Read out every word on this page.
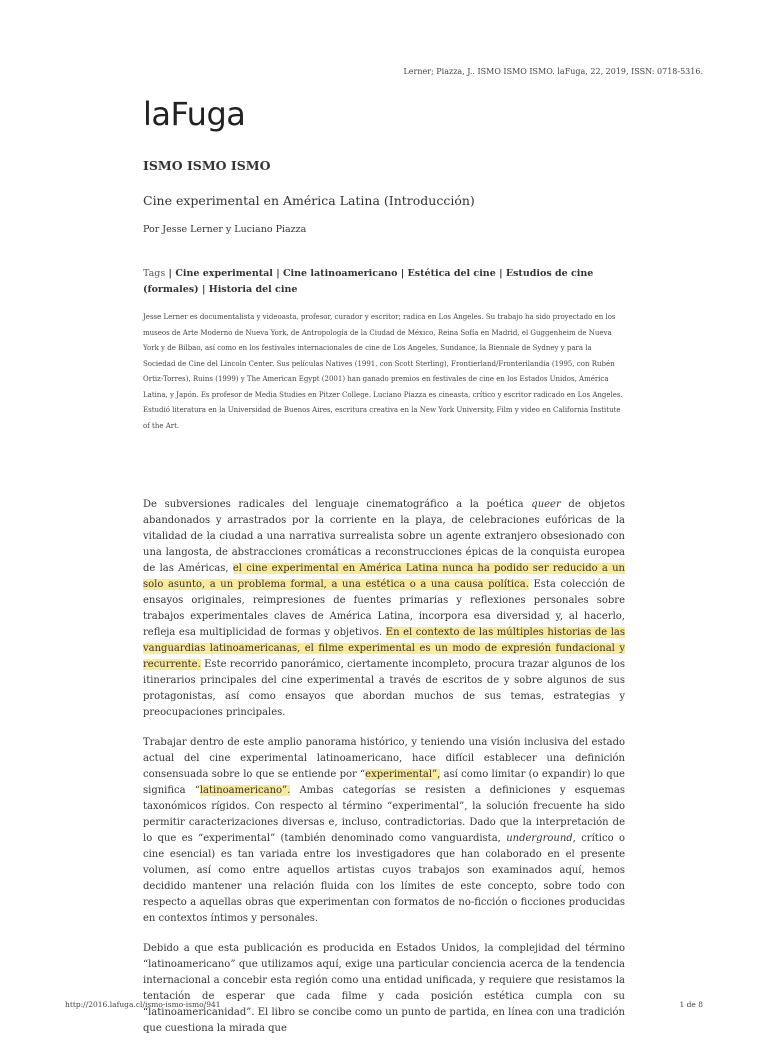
Lerner; Piazza, J.. ISMO ISMO ISMO. laFuga, 22, 2019, ISSN: 0718-5316.
laFuga
ISMO ISMO ISMO
Cine experimental en América Latina (Introducción)
Por Jesse Lerner y Luciano Piazza
Tags | Cine experimental | Cine latinoamericano | Estética del cine | Estudios de cine (formales) | Historia del cine
Jesse Lerner es documentalista y videoasta, profesor, curador y escritor; radica en Los Angeles. Su trabajo ha sido proyectado en los museos de Arte Moderno de Nueva York, de Antropología de la Ciudad de México, Reina Sofía en Madrid, el Guggenheim de Nueva York y de Bilbao, así como en los festivales internacionales de cine de Los Angeles, Sundance, la Biennale de Sydney y para la Sociedad de Cine del Lincoln Center. Sus películas Natives (1991, con Scott Sterling), Frontierland/Fronterilandia (1995, con Rubén Ortiz-Torres), Ruins (1999) y The American Egypt (2001) han ganado premios en festivales de cine en los Estados Unidos, América Latina, y Japón. Es profesor de Media Studies en Pitzer College. Luciano Piazza es cineasta, crítico y escritor radicado en Los Angeles. Estudió literatura en la Universidad de Buenos Aires, escritura creativa en la New York University, Film y video en California Institute of the Art.

De subversiones radicales del lenguaje cinematográfico a la poética queer de objetos abandonados y arrastrados por la corriente en la playa, de celebraciones eufóricas de la vitalidad de la ciudad a una narrativa surrealista sobre un agente extranjero obsesionado con una langosta, de abstracciones cromáticas a reconstrucciones épicas de la conquista europea de las Américas, el cine experimental en América Latina nunca ha podido ser reducido a un solo asunto, a un problema formal, a una estética o a una causa política. Esta colección de ensayos originales, reimpresiones de fuentes primarias y reflexiones personales sobre trabajos experimentales claves de América Latina, incorpora esa diversidad y, al hacerlo, refleja esa multiplicidad de formas y objetivos. En el contexto de las múltiples historias de las vanguardias latinoamericanas, el filme experimental es un modo de expresión fundacional y recurrente. Este recorrido panorámico, ciertamente incompleto, procura trazar algunos de los itinerarios principales del cine experimental a través de escritos de y sobre algunos de sus protagonistas, así como ensayos que abordan muchos de sus temas, estrategias y preocupaciones principales.

Trabajar dentro de este amplio panorama histórico, y teniendo una visión inclusiva del estado actual del cine experimental latinoamericano, hace difícil establecer una definición consensuada sobre lo que se entiende por “experimental”, así como limitar (o expandir) lo que significa “latinoamericano”. Ambas categorías se resisten a definiciones y esquemas taxonómicos rígidos. Con respecto al término “experimental”, la solución frecuente ha sido permitir caracterizaciones diversas e, incluso, contradictorias. Dado que la interpretación de lo que es “experimental” (también denominado como vanguardista, underground, crítico o cine esencial) es tan variada entre los investigadores que han colaborado en el presente volumen, así como entre aquellos artistas cuyos trabajos son examinados aquí, hemos decidido mantener una relación fluida con los límites de este concepto, sobre todo con respecto a aquellas obras que experimentan con formatos de no-ficción o ficciones producidas en contextos íntimos y personales.

Debido a que esta publicación es producida en Estados Unidos, la complejidad del término “latinoamericano” que utilizamos aquí, exige una particular conciencia acerca de la tendencia internacional a concebir esta región como una entidad unificada, y requiere que resistamos la tentación de esperar que cada filme y cada posición estética cumpla con su “latinoamericanidad”. El libro se concibe como un punto de partida, en línea con una tradición que cuestiona la mirada que

http://2016.lafuga.cl/ismo-ismo-ismo/941	1 de 8
